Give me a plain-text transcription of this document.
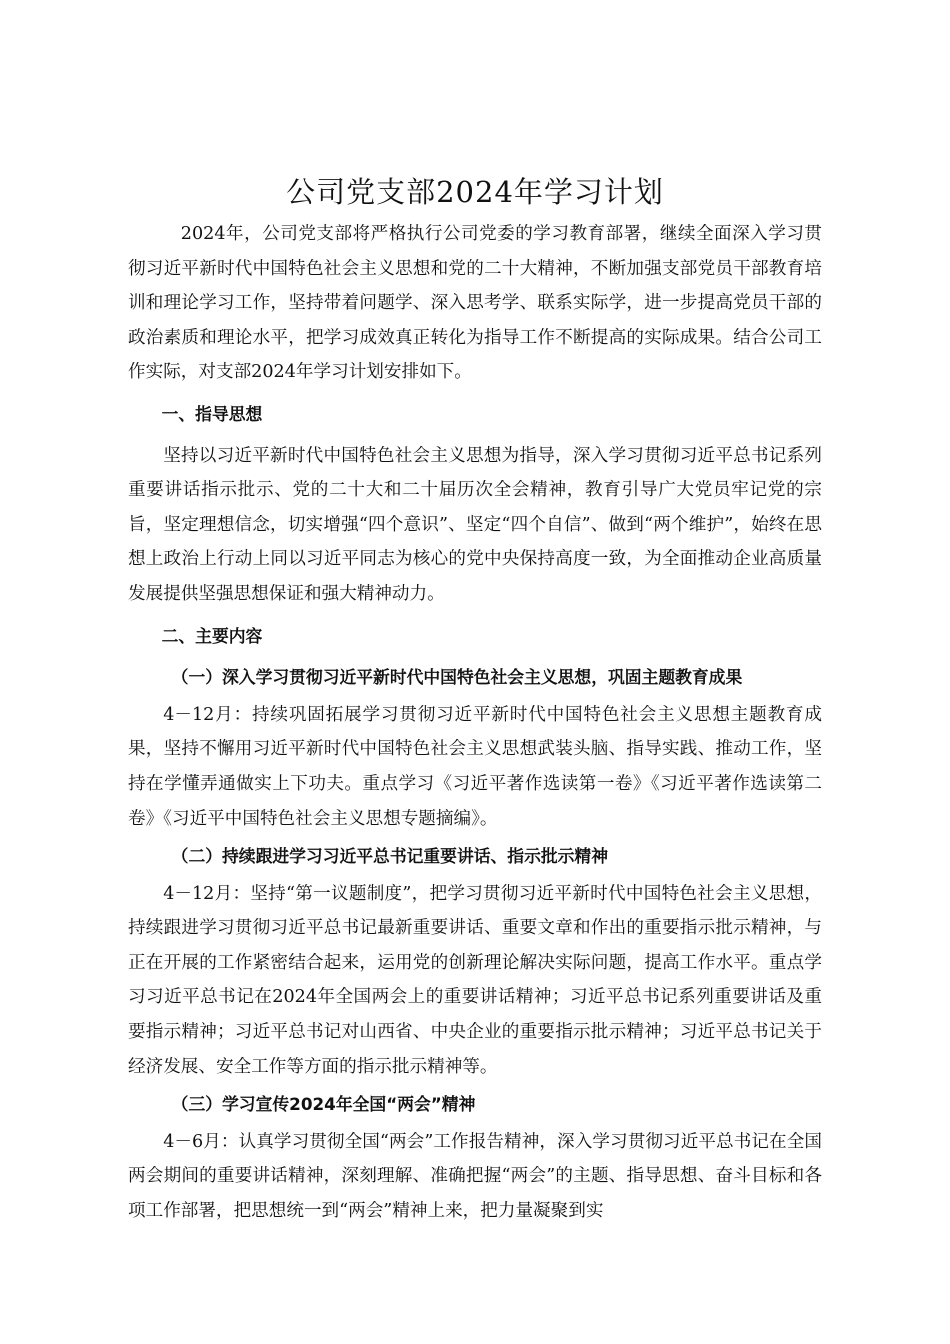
公司党支部2024年学习计划

2024年，公司党支部将严格执行公司党委的学习教育部署，继续全面深入学习贯彻习近平新时代中国特色社会主义思想和党的二十大精神，不断加强支部党员干部教育培训和理论学习工作，坚持带着问题学、深入思考学、联系实际学，进一步提高党员干部的政治素质和理论水平，把学习成效真正转化为指导工作不断提高的实际成果。结合公司工作实际，对支部2024年学习计划安排如下。

一、指导思想

坚持以习近平新时代中国特色社会主义思想为指导，深入学习贯彻习近平总书记系列重要讲话指示批示、党的二十大和二十届历次全会精神，教育引导广大党员牢记党的宗旨，坚定理想信念，切实增强“四个意识”、坚定“四个自信”、做到“两个维护”，始终在思想上政治上行动上同以习近平同志为核心的党中央保持高度一致，为全面推动企业高质量发展提供坚强思想保证和强大精神动力。

二、主要内容

（一）深入学习贯彻习近平新时代中国特色社会主义思想，巩固主题教育成果

4－12月：持续巩固拓展学习贯彻习近平新时代中国特色社会主义思想主题教育成果，坚持不懈用习近平新时代中国特色社会主义思想武装头脑、指导实践、推动工作，坚持在学懂弄通做实上下功夫。重点学习《习近平著作选读第一卷》《习近平著作选读第二卷》《习近平中国特色社会主义思想专题摘编》。

（二）持续跟进学习习近平总书记重要讲话、指示批示精神

4－12月：坚持“第一议题制度”，把学习贯彻习近平新时代中国特色社会主义思想，持续跟进学习贯彻习近平总书记最新重要讲话、重要文章和作出的重要指示批示精神，与正在开展的工作紧密结合起来，运用党的创新理论解决实际问题，提高工作水平。重点学习习近平总书记在2024年全国两会上的重要讲话精神；习近平总书记系列重要讲话及重要指示精神；习近平总书记对山西省、中央企业的重要指示批示精神；习近平总书记关于经济发展、安全工作等方面的指示批示精神等。

（三）学习宣传2024年全国“两会”精神

4－6月：认真学习贯彻全国“两会”工作报告精神，深入学习贯彻习近平总书记在全国两会期间的重要讲话精神，深刻理解、准确把握“两会”的主题、指导思想、奋斗目标和各项工作部署，把思想统一到“两会”精神上来，把力量凝聚到实
